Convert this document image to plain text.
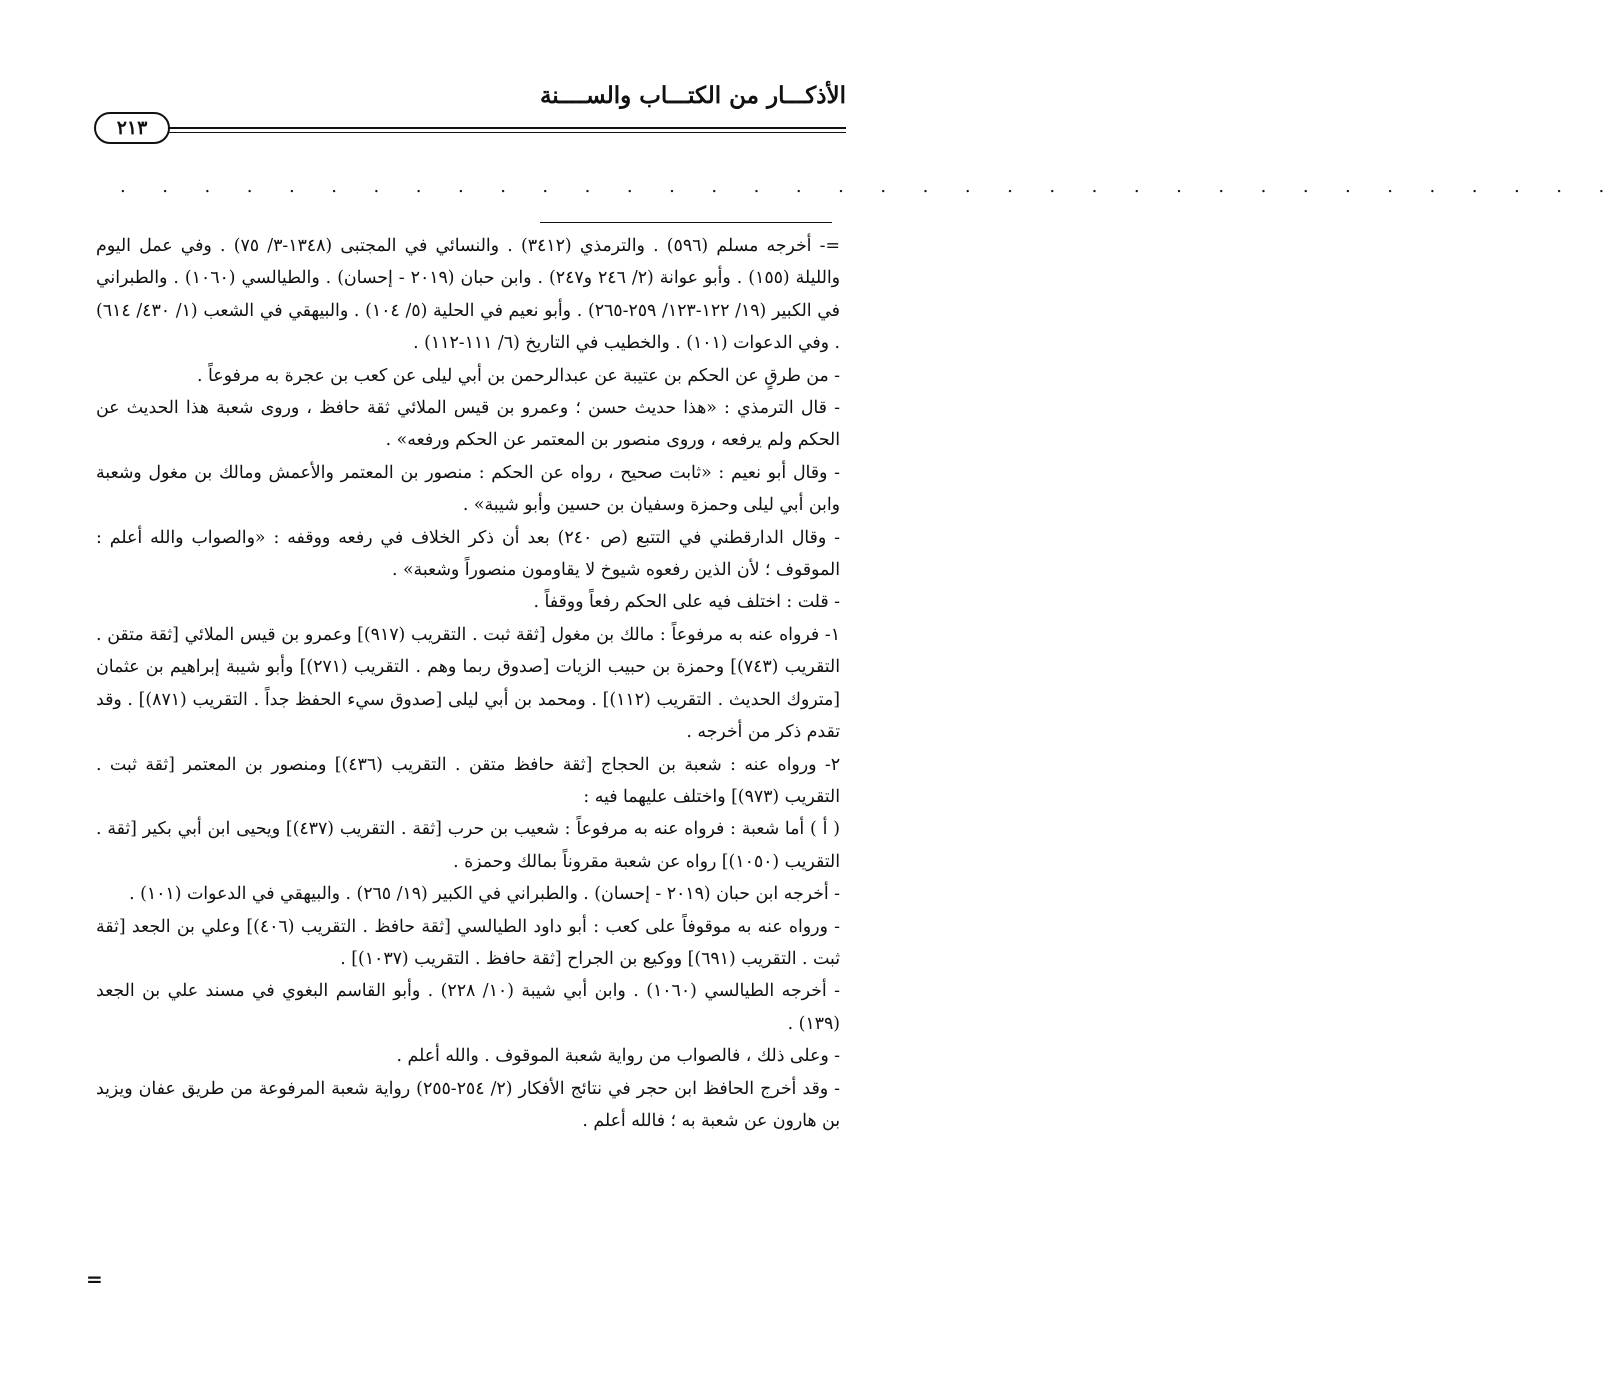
الأذكـــار من الكتـــاب والســــنة
٢١٣
. . . . . . . . . . . . . . . . . . . . . . . . . . . . . . . . . . . .

=- أخرجه مسلم (٥٩٦) . والترمذي (٣٤١٢) . والنسائي في المجتبى (١٣٤٨-٣/ ٧٥) . وفي عمل اليوم والليلة (١٥٥) . وأبو عوانة (٢/ ٢٤٦ و٢٤٧) . وابن حبان (٢٠١٩ - إحسان) . والطيالسي (١٠٦٠) . والطبراني في الكبير (١٩/ ١٢٢-١٢٣/ ٢٥٩-٢٦٥) . وأبو نعيم في الحلية (٥/ ١٠٤) . والبيهقي في الشعب (١/ ٤٣٠/ ٦١٤) . وفي الدعوات (١٠١) . والخطيب في التاريخ (٦/ ١١١-١١٢) .

- من طرقٍ عن الحكم بن عتيبة عن عبدالرحمن بن أبي ليلى عن كعب بن عجرة به مرفوعاً .

- قال الترمذي : «هذا حديث حسن ؛ وعمرو بن قيس الملائي ثقة حافظ ، وروى شعبة هذا الحديث عن الحكم ولم يرفعه ، وروى منصور بن المعتمر عن الحكم ورفعه» .

- وقال أبو نعيم : «ثابت صحيح ، رواه عن الحكم : منصور بن المعتمر والأعمش ومالك بن مغول وشعبة وابن أبي ليلى وحمزة وسفيان بن حسين وأبو شيبة» .

- وقال الدارقطني في التتبع (ص ٢٤٠) بعد أن ذكر الخلاف في رفعه ووقفه : «والصواب والله أعلم : الموقوف ؛ لأن الذين رفعوه شيوخ لا يقاومون منصوراً وشعبة» .

- قلت : اختلف فيه على الحكم رفعاً ووقفاً .

١- فرواه عنه به مرفوعاً : مالك بن مغول [ثقة ثبت . التقريب (٩١٧)] وعمرو بن قيس الملائي [ثقة متقن . التقريب (٧٤٣)] وحمزة بن حبيب الزيات [صدوق ربما وهم . التقريب (٢٧١)] وأبو شيبة إبراهيم بن عثمان [متروك الحديث . التقريب (١١٢)] . ومحمد بن أبي ليلى [صدوق سيء الحفظ جداً . التقريب (٨٧١)] . وقد تقدم ذكر من أخرجه .

٢- ورواه عنه : شعبة بن الحجاج [ثقة حافظ متقن . التقريب (٤٣٦)] ومنصور بن المعتمر [ثقة ثبت . التقريب (٩٧٣)] واختلف عليهما فيه :

( أ ) أما شعبة : فرواه عنه به مرفوعاً : شعيب بن حرب [ثقة . التقريب (٤٣٧)] ويحيى ابن أبي بكير [ثقة . التقريب (١٠٥٠)] رواه عن شعبة مقروناً بمالك وحمزة .

- أخرجه ابن حبان (٢٠١٩ - إحسان) . والطبراني في الكبير (١٩/ ٢٦٥) . والبيهقي في الدعوات (١٠١) .

- ورواه عنه به موقوفاً على كعب : أبو داود الطيالسي [ثقة حافظ . التقريب (٤٠٦)] وعلي بن الجعد [ثقة ثبت . التقريب (٦٩١)] ووكيع بن الجراح [ثقة حافظ . التقريب (١٠٣٧)] .

- أخرجه الطيالسي (١٠٦٠) . وابن أبي شيبة (١٠/ ٢٢٨) . وأبو القاسم البغوي في مسند علي بن الجعد (١٣٩) .

- وعلى ذلك ، فالصواب من رواية شعبة الموقوف . والله أعلم .

- وقد أخرج الحافظ ابن حجر في نتائج الأفكار (٢/ ٢٥٤-٢٥٥) رواية شعبة المرفوعة من طريق عفان ويزيد بن هارون عن شعبة به ؛ فالله أعلم .

=
